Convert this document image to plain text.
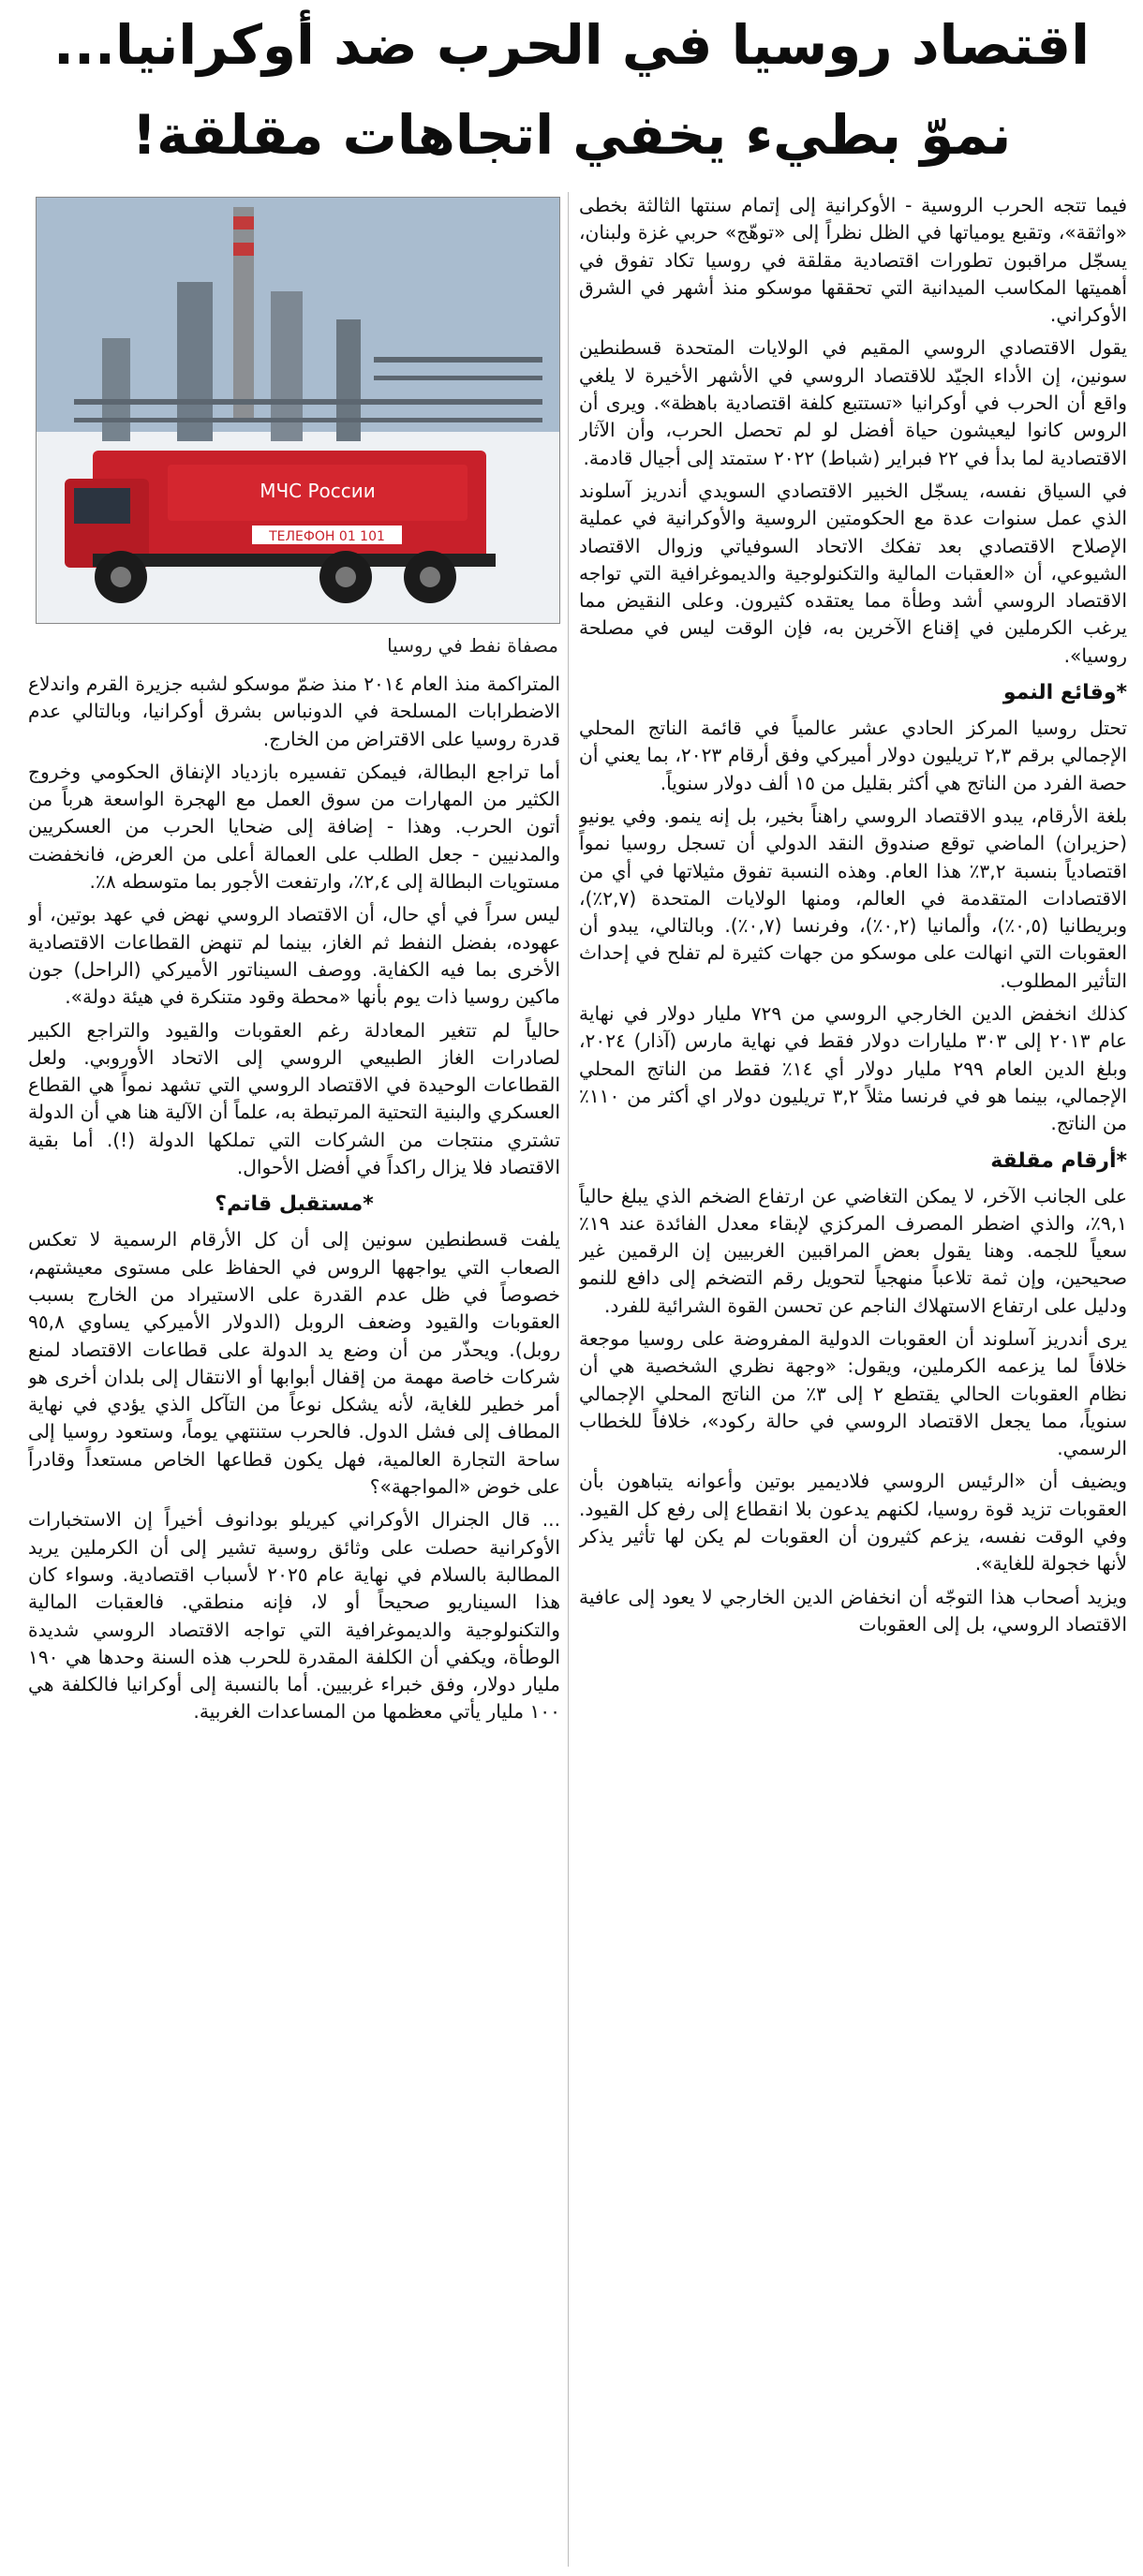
اقتصاد روسيا في الحرب ضد أوكرانيا...
نموّ بطيء يخفي اتجاهات مقلقة!

فيما تتجه الحرب الروسية - الأوكرانية إلى إتمام سنتها الثالثة بخطى «واثقة»، وتقبع يومياتها في الظل نظراً إلى «توهّج» حربي غزة ولبنان، يسجّل مراقبون تطورات اقتصادية مقلقة في روسيا تكاد تفوق في أهميتها المكاسب الميدانية التي تحققها موسكو منذ أشهر في الشرق الأوكراني.

يقول الاقتصادي الروسي المقيم في الولايات المتحدة قسطنطين سونين، إن الأداء الجيّد للاقتصاد الروسي في الأشهر الأخيرة لا يلغي واقع أن الحرب في أوكرانيا «تستتبع كلفة اقتصادية باهظة». ويرى أن الروس كانوا ليعيشون حياة أفضل لو لم تحصل الحرب، وأن الآثار الاقتصادية لما بدأ في ٢٢ فبراير (شباط) ٢٠٢٢ ستمتد إلى أجيال قادمة.

في السياق نفسه، يسجّل الخبير الاقتصادي السويدي أندريز آسلوند الذي عمل سنوات عدة مع الحكومتين الروسية والأوكرانية في عملية الإصلاح الاقتصادي بعد تفكك الاتحاد السوفياتي وزوال الاقتصاد الشيوعي، أن «العقبات المالية والتكنولوجية والديموغرافية التي تواجه الاقتصاد الروسي أشد وطأة مما يعتقده كثيرون. وعلى النقيض مما يرغب الكرملين في إقناع الآخرين به، فإن الوقت ليس في مصلحة روسيا».

*وقائع النمو

تحتل روسيا المركز الحادي عشر عالمياً في قائمة الناتج المحلي الإجمالي برقم ٢,٣ تريليون دولار أميركي وفق أرقام ٢٠٢٣، بما يعني أن حصة الفرد من الناتج هي أكثر بقليل من ١٥ ألف دولار سنوياً.

بلغة الأرقام، يبدو الاقتصاد الروسي راهناً بخير، بل إنه ينمو. وفي يونيو (حزيران) الماضي توقع صندوق النقد الدولي أن تسجل روسيا نمواً اقتصادياً بنسبة ٣,٢٪ هذا العام. وهذه النسبة تفوق مثيلاتها في أي من الاقتصادات المتقدمة في العالم، ومنها الولايات المتحدة (٢,٧٪)، وبريطانيا (٠,٥٪)، وألمانيا (٠,٢٪)، وفرنسا (٠,٧٪). وبالتالي، يبدو أن العقوبات التي انهالت على موسكو من جهات كثيرة لم تفلح في إحداث التأثير المطلوب.

كذلك انخفض الدين الخارجي الروسي من ٧٢٩ مليار دولار في نهاية عام ٢٠١٣ إلى ٣٠٣ مليارات دولار فقط في نهاية مارس (آذار) ٢٠٢٤، وبلغ الدين العام ٢٩٩ مليار دولار أي ١٤٪ فقط من الناتج المحلي الإجمالي، بينما هو في فرنسا مثلاً ٣,٢ تريليون دولار اي أكثر من ١١٠٪ من الناتج.

*أرقام مقلقة

على الجانب الآخر، لا يمكن التغاضي عن ارتفاع الضخم الذي يبلغ حالياً ٩,١٪، والذي اضطر المصرف المركزي لإبقاء معدل الفائدة عند ١٩٪ سعياً للجمه. وهنا يقول بعض المراقبين الغربيين إن الرقمين غير صحيحين، وإن ثمة تلاعباً منهجياً لتحويل رقم التضخم إلى دافع للنمو ودليل على ارتفاع الاستهلاك الناجم عن تحسن القوة الشرائية للفرد.

يرى أندريز آسلوند أن العقوبات الدولية المفروضة على روسيا موجعة خلافاً لما يزعمه الكرملين، ويقول: «وجهة نظري الشخصية هي أن نظام العقوبات الحالي يقتطع ٢ إلى ٣٪ من الناتج المحلي الإجمالي سنوياً، مما يجعل الاقتصاد الروسي في حالة ركود»، خلافاً للخطاب الرسمي.

ويضيف أن «الرئيس الروسي فلاديمير بوتين وأعوانه يتباهون بأن العقوبات تزيد قوة روسيا، لكنهم يدعون بلا انقطاع إلى رفع كل القيود. وفي الوقت نفسه، يزعم كثيرون أن العقوبات لم يكن لها تأثير يذكر لأنها خجولة للغاية».

ويزيد أصحاب هذا التوجّه أن انخفاض الدين الخارجي لا يعود إلى عافية الاقتصاد الروسي، بل إلى العقوبات

МЧС России
ТЕЛЕФОН 01 101
مصفاة نفط في روسيا

المتراكمة منذ العام ٢٠١٤ منذ ضمّ موسكو لشبه جزيرة القرم واندلاع الاضطرابات المسلحة في الدونباس بشرق أوكرانيا، وبالتالي عدم قدرة روسيا على الاقتراض من الخارج.

أما تراجع البطالة، فيمكن تفسيره بازدياد الإنفاق الحكومي وخروج الكثير من المهارات من سوق العمل مع الهجرة الواسعة هرباً من أتون الحرب. وهذا - إضافة إلى ضحايا الحرب من العسكريين والمدنيين - جعل الطلب على العمالة أعلى من العرض، فانخفضت مستويات البطالة إلى ٢,٤٪، وارتفعت الأجور بما متوسطه ٨٪.

ليس سراً في أي حال، أن الاقتصاد الروسي نهض في عهد بوتين، أو عهوده، بفضل النفط ثم الغاز، بينما لم تنهض القطاعات الاقتصادية الأخرى بما فيه الكفاية. ووصف السيناتور الأميركي (الراحل) جون ماكين روسيا ذات يوم بأنها «محطة وقود متنكرة في هيئة دولة».

حالياً لم تتغير المعادلة رغم العقوبات والقيود والتراجع الكبير لصادرات الغاز الطبيعي الروسي إلى الاتحاد الأوروبي. ولعل القطاعات الوحيدة في الاقتصاد الروسي التي تشهد نمواً هي القطاع العسكري والبنية التحتية المرتبطة به، علماً أن الآلية هنا هي أن الدولة تشتري منتجات من الشركات التي تملكها الدولة (!). أما بقية الاقتصاد فلا يزال راكداً في أفضل الأحوال.

*مستقبل قاتم؟

يلفت قسطنطين سونين إلى أن كل الأرقام الرسمية لا تعكس الصعاب التي يواجهها الروس في الحفاظ على مستوى معيشتهم، خصوصاً في ظل عدم القدرة على الاستيراد من الخارج بسبب العقوبات والقيود وضعف الروبل (الدولار الأميركي يساوي ٩٥,٨ روبل). ويحذّر من أن وضع يد الدولة على قطاعات الاقتصاد لمنع شركات خاصة مهمة من إقفال أبوابها أو الانتقال إلى بلدان أخرى هو أمر خطير للغاية، لأنه يشكل نوعاً من التآكل الذي يؤدي في نهاية المطاف إلى فشل الدول. فالحرب ستنتهي يوماً، وستعود روسيا إلى ساحة التجارة العالمية، فهل يكون قطاعها الخاص مستعداً وقادراً على خوض «المواجهة»؟

... قال الجنرال الأوكراني كيريلو بودانوف أخيراً إن الاستخبارات الأوكرانية حصلت على وثائق روسية تشير إلى أن الكرملين يريد المطالبة بالسلام في نهاية عام ٢٠٢٥ لأسباب اقتصادية. وسواء كان هذا السيناريو صحيحاً أو لا، فإنه منطقي. فالعقبات المالية والتكنولوجية والديموغرافية التي تواجه الاقتصاد الروسي شديدة الوطأة، ويكفي أن الكلفة المقدرة للحرب هذه السنة وحدها هي ١٩٠ مليار دولار، وفق خبراء غربيين. أما بالنسبة إلى أوكرانيا فالكلفة هي ١٠٠ مليار يأتي معظمها من المساعدات الغربية.
